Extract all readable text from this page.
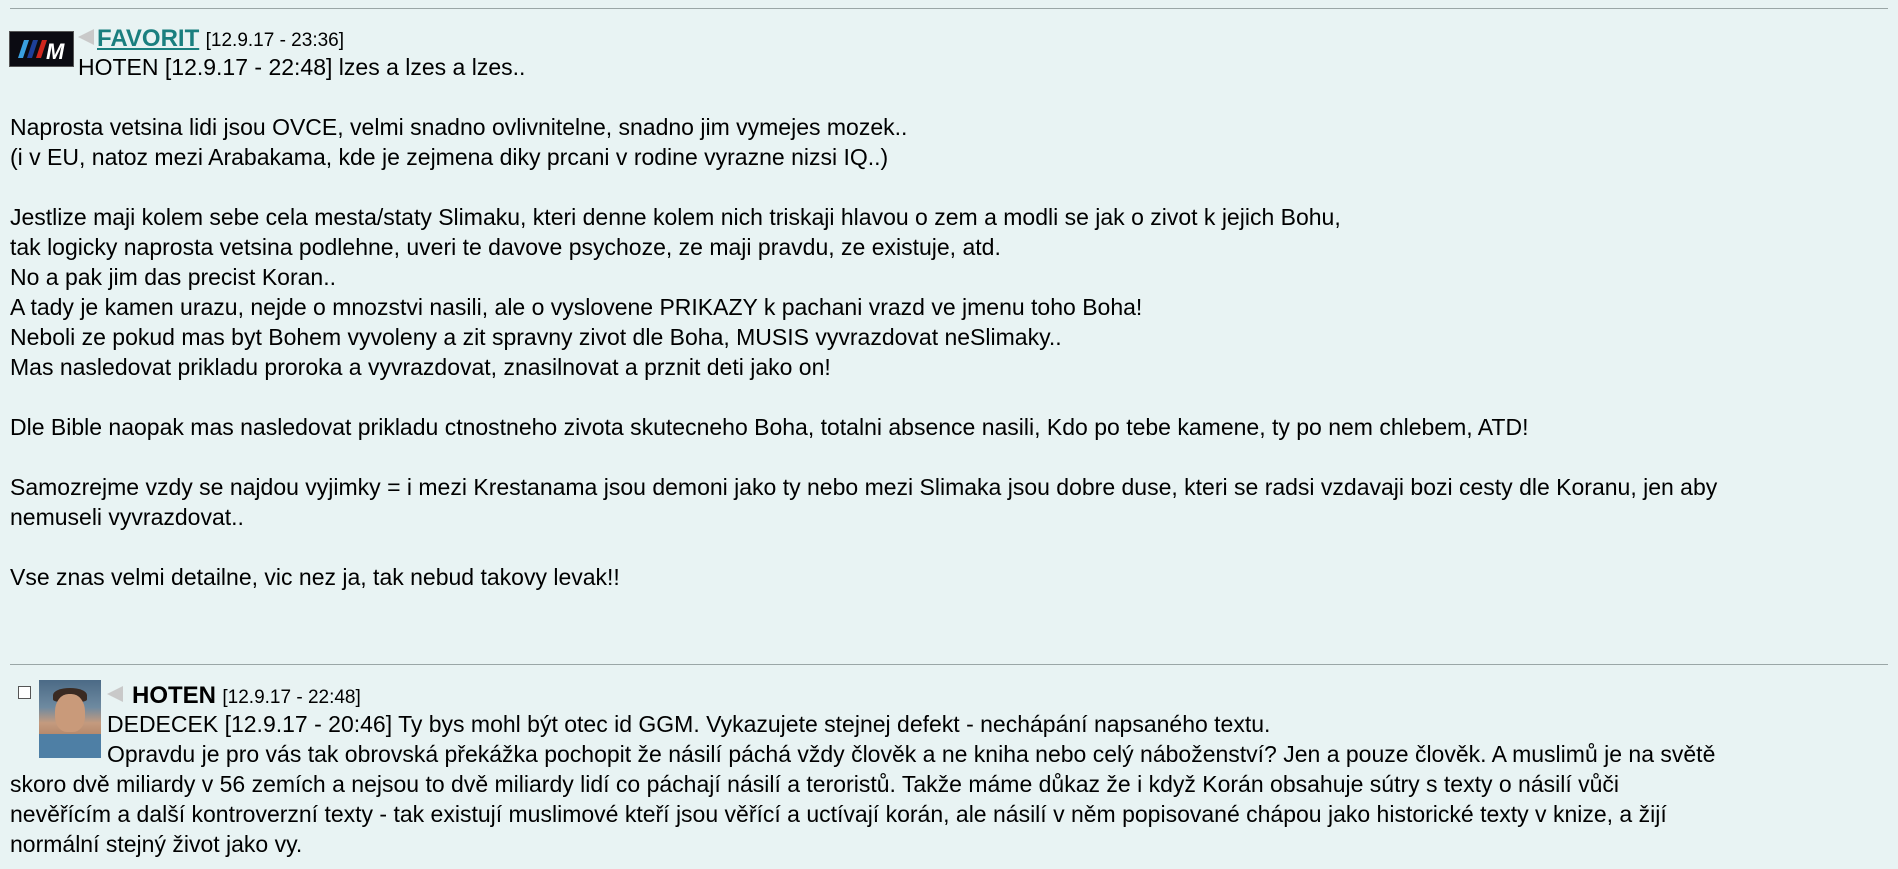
M FAVORIT [12.9.17 - 23:36]
HOTEN [12.9.17 - 22:48] lzes a lzes a lzes..
Naprosta vetsina lidi jsou OVCE, velmi snadno ovlivnitelne, snadno jim vymejes mozek..
(i v EU, natoz mezi Arabakama, kde je zejmena diky prcani v rodine vyrazne nizsi IQ..)

Jestlize maji kolem sebe cela mesta/staty Slimaku, kteri denne kolem nich triskaji hlavou o zem a modli se jak o zivot k jejich Bohu,
tak logicky naprosta vetsina podlehne, uveri te davove psychoze, ze maji pravdu, ze existuje, atd.
No a pak jim das precist Koran..
A tady je kamen urazu, nejde o mnozstvi nasili, ale o vyslovene PRIKAZY k pachani vrazd ve jmenu toho Boha!
Neboli ze pokud mas byt Bohem vyvoleny a zit spravny zivot dle Boha, MUSIS vyvrazdovat neSlimaky..
Mas nasledovat prikladu proroka a vyvrazdovat, znasilnovat a prznit deti jako on!

Dle Bible naopak mas nasledovat prikladu ctnostneho zivota skutecneho Boha, totalni absence nasili, Kdo po tebe kamene, ty po nem chlebem, ATD!

Samozrejme vzdy se najdou vyjimky = i mezi Krestanama jsou demoni jako ty nebo mezi Slimaka jsou dobre duse, kteri se radsi vzdavaji bozi cesty dle Koranu, jen aby
nemuseli vyvrazdovat..

Vse znas velmi detailne, vic nez ja, tak nebud takovy levak!!
HOTEN [12.9.17 - 22:48]
DEDECEK [12.9.17 - 20:46] Ty bys mohl být otec id GGM. Vykazujete stejnej defekt - nechápání napsaného textu.
Opravdu je pro vás tak obrovská překážka pochopit že násilí páchá vždy člověk a ne kniha nebo celý náboženství? Jen a pouze člověk. A muslimů je na světě
skoro dvě miliardy v 56 zemích a nejsou to dvě miliardy lidí co páchají násilí a teroristů. Takže máme důkaz že i když Korán obsahuje sútry s texty o násilí vůči
nevěřícím a další kontroverzní texty - tak existují muslimové kteří jsou věřící a uctívají korán, ale násilí v něm popisované chápou jako historické texty v knize, a žijí
normální stejný život jako vy.
